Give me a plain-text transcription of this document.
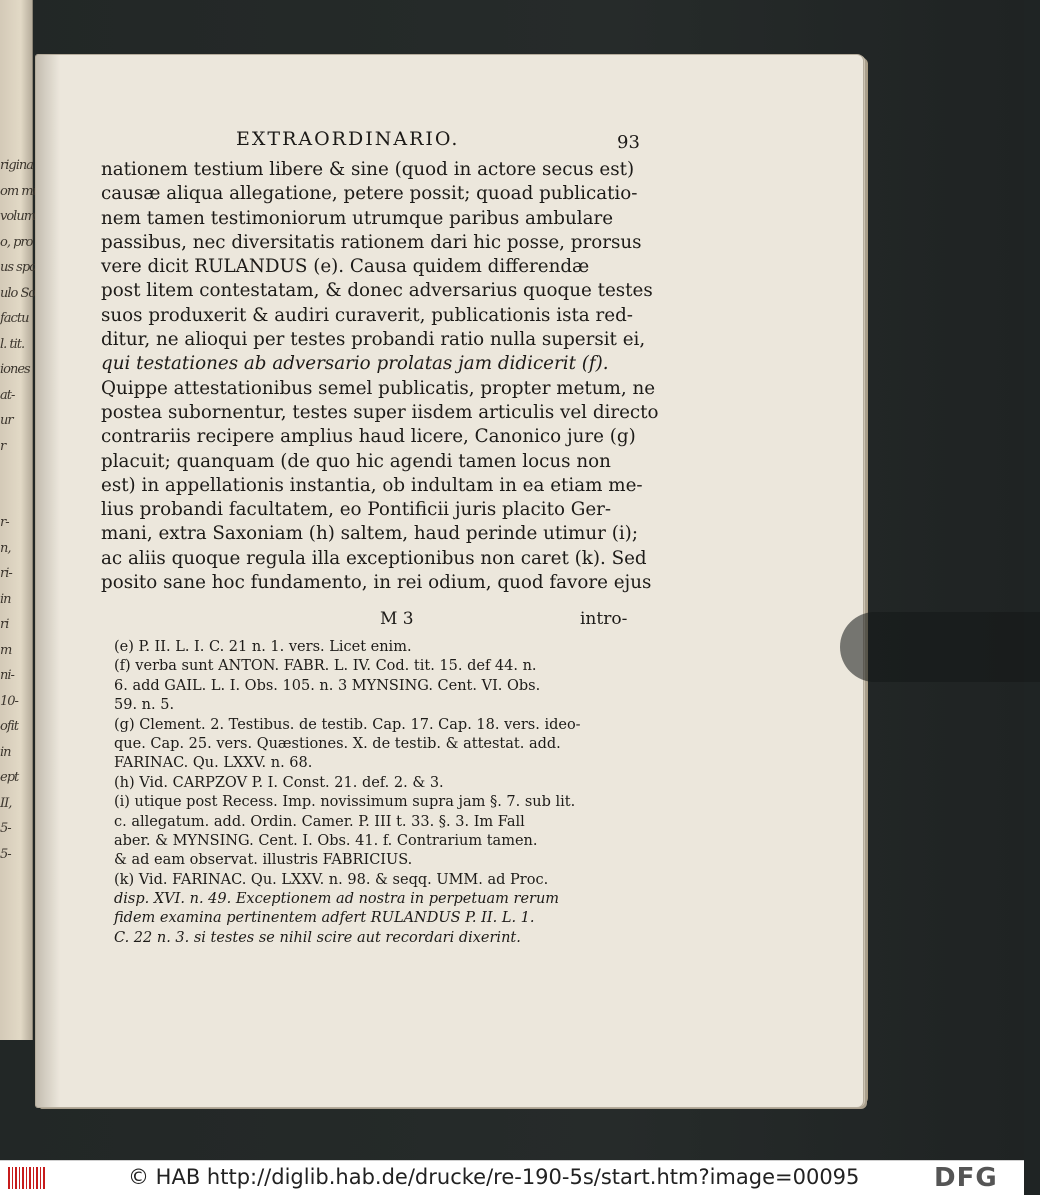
rigina
om mi
volum
o, pro
us spo
ulo So
factu
l. tit.
iones
at-
ur
r
r-
n,
ri-
in
ri
m
ni-
10-
ofit
in
ept
II,
5-
5-
EXTRAORDINARIO.	93
nationem testium libere & sine (quod in actore secus est)
causæ aliqua allegatione, petere possit; quoad publicatio-
nem tamen testimoniorum utrumque paribus ambulare
passibus, nec diversitatis rationem dari hic posse, prorsus
vere dicit RULANDUS (e). Causa quidem differendæ
post litem contestatam, & donec adversarius quoque testes
suos produxerit & audiri curaverit, publicationis ista red-
ditur, ne alioqui per testes probandi ratio nulla supersit ei,
qui testationes ab adversario prolatas jam didicerit (f).
Quippe attestationibus semel publicatis, propter metum, ne
postea subornentur, testes super iisdem articulis vel directo
contrariis recipere amplius haud licere, Canonico jure (g)
placuit; quanquam (de quo hic agendi tamen locus non
est) in appellationis instantia, ob indultam in ea etiam me-
lius probandi facultatem, eo Pontificii juris placito Ger-
mani, extra Saxoniam (h) saltem, haud perinde utimur (i);
ac aliis quoque regula illa exceptionibus non caret (k). Sed
posito sane hoc fundamento, in rei odium, quod favore ejus
M 3	intro-
(e) P. II. L. I. C. 21 n. 1. vers. Licet enim.
(f) verba sunt ANTON. FABR. L. IV. Cod. tit. 15. def 44. n.
6. add GAIL. L. I. Obs. 105. n. 3 MYNSING. Cent. VI. Obs.
59. n. 5.
(g) Clement. 2. Testibus. de testib. Cap. 17. Cap. 18. vers. ideo-
que. Cap. 25. vers. Quæstiones. X. de testib. & attestat. add.
FARINAC. Qu. LXXV. n. 68.
(h) Vid. CARPZOV P. I. Const. 21. def. 2. & 3.
(i) utique post Recess. Imp. novissimum supra jam §. 7. sub lit.
c. allegatum. add. Ordin. Camer. P. III t. 33. §. 3. Im Fall
aber. & MYNSING. Cent. I. Obs. 41. f. Contrarium tamen.
& ad eam observat. illustris FABRICIUS.
(k) Vid. FARINAC. Qu. LXXV. n. 98. & seqq. UMM. ad Proc.
disp. XVI. n. 49. Exceptionem ad nostra in perpetuam rerum
fidem examina pertinentem adfert RULANDUS P. II. L. 1.
C. 22 n. 3. si testes se nihil scire aut recordari dixerint.
© HAB http://diglib.hab.de/drucke/re-190-5s/start.htm?image=00095	DFG
